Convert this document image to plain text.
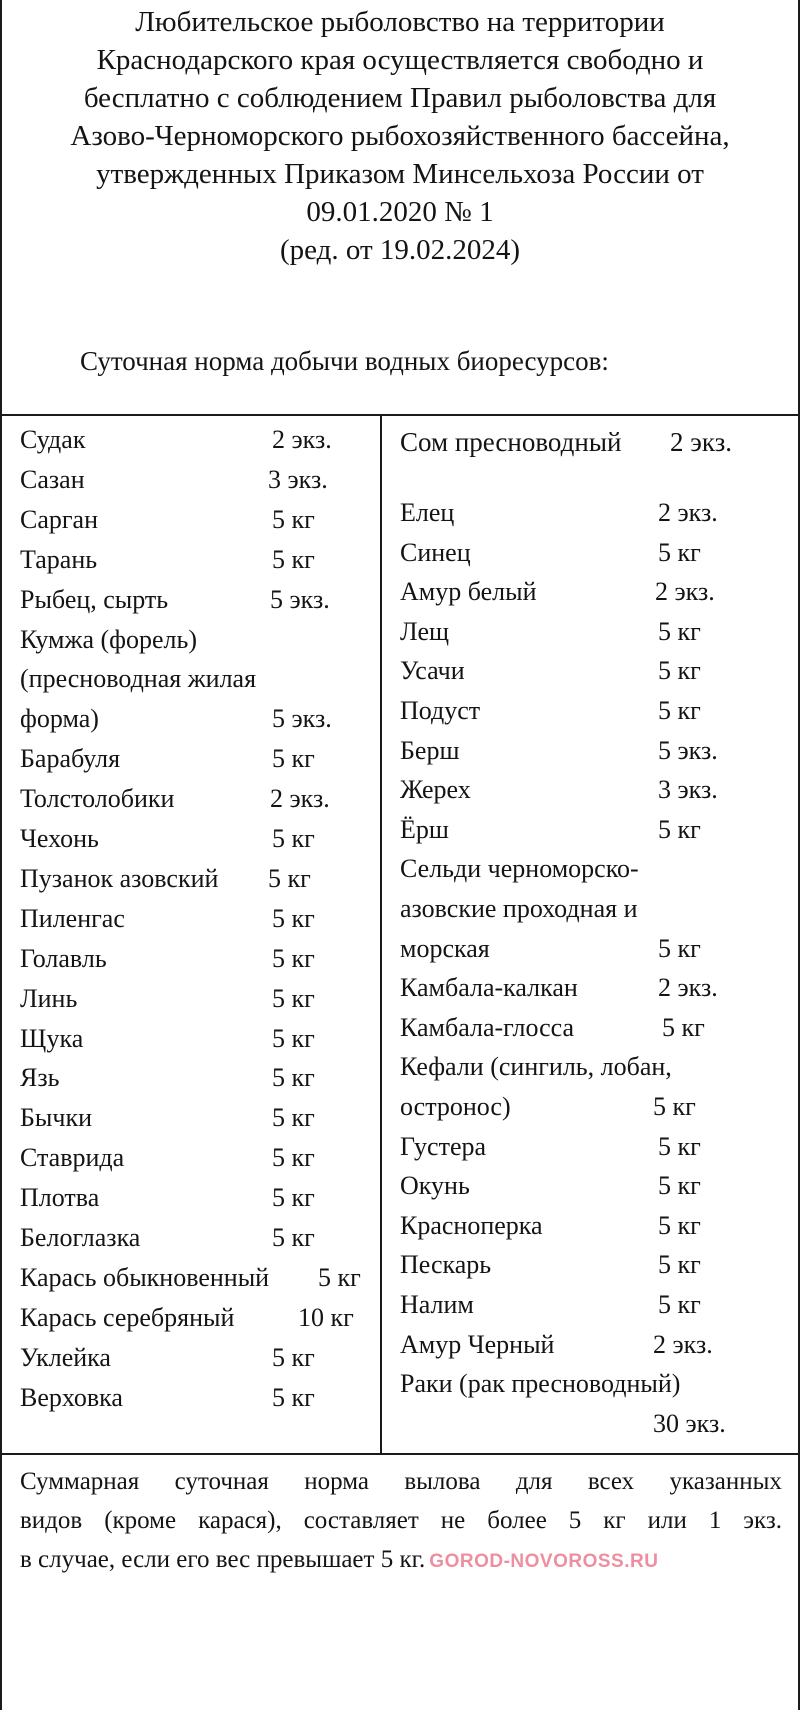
Любительское рыболовство на территории
Краснодарского края осуществляется свободно и
бесплатно с соблюдением Правил рыболовства для
Азово-Черноморского рыбохозяйственного бассейна,
утвержденных Приказом Минсельхоза России от
09.01.2020 № 1
(ред. от 19.02.2024)
Суточная норма добычи водных биоресурсов:
Судак	2 экз.
Сазан	3 экз.
Сарган	5 кг
Тарань	5 кг
Рыбец, сырть	5 экз.
Кумжа (форель)
(пресноводная жилая
форма)	5 экз.
Барабуля	5 кг
Толстолобики	2 экз.
Чехонь	5 кг
Пузанок азовский 5 кг
Пиленгас	5 кг
Голавль	5 кг
Линь	5 кг
Щука	5 кг
Язь	5 кг
Бычки	5 кг
Ставрида	5 кг
Плотва	5 кг
Белоглазка	5 кг
Карась обыкновенный 5 кг
Карась серебряный 10 кг
Уклейка	5 кг
Верховка	5 кг
Сом пресноводный 2 экз.
Елец	2 экз.
Синец	5 кг
Амур белый	2 экз.
Лещ	5 кг
Усачи	5 кг
Подуст	5 кг
Берш	5 экз.
Жерех	3 экз.
Ёрш	5 кг
Сельди черноморско-
азовские проходная и
морская	5 кг
Камбала-калкан	2 экз.
Камбала-глосса	5 кг
Кефали (сингиль, лобан,
остронос)	5 кг
Густера	5 кг
Окунь	5 кг
Красноперка	5 кг
Пескарь	5 кг
Налим	5 кг
Амур Черный	2 экз.
Раки (рак пресноводный)
30 экз.
Суммарная суточная норма вылова для всех указанных
видов (кроме карася), составляет не более 5 кг или 1 экз.
в случае, если его вес превышает 5 кг. GOROD-NOVOROSS.RU
